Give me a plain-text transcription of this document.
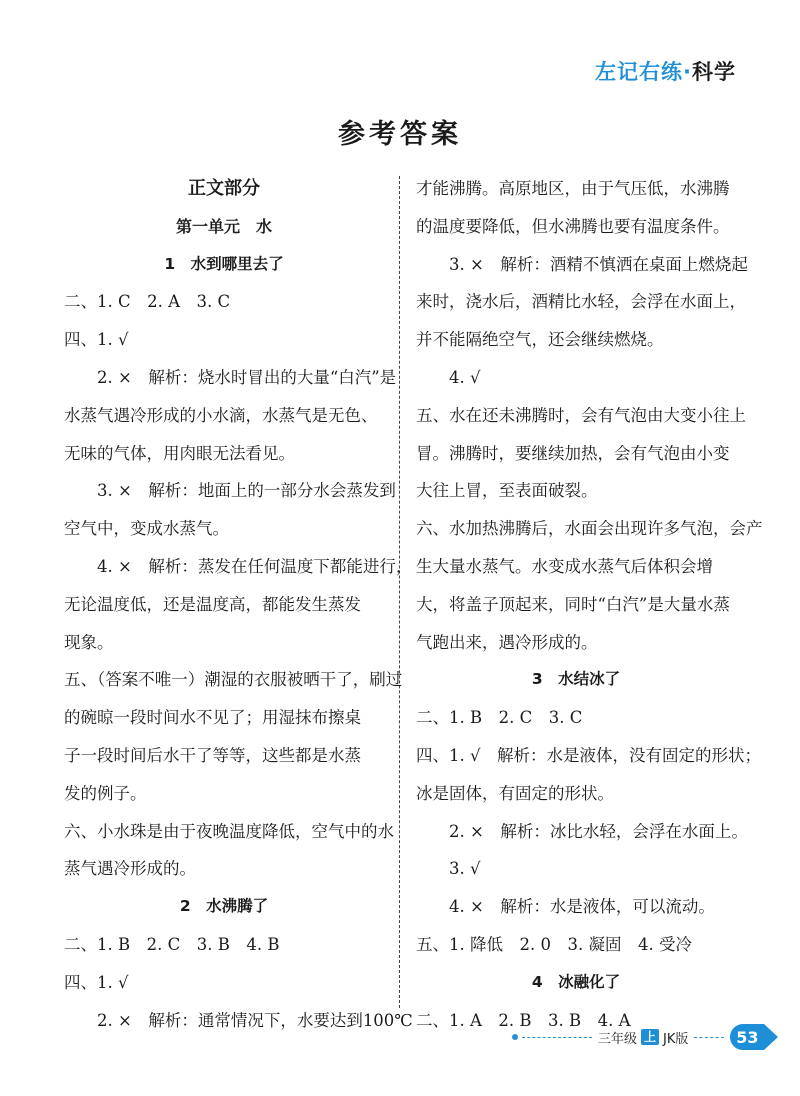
左记右练·科学
参考答案
正文部分
第一单元　水
1　水到哪里去了
二、1. C　2. A　3. C
四、1. √
2. ×　解析：烧水时冒出的大量“白汽”是
水蒸气遇冷形成的小水滴，水蒸气是无色、
无味的气体，用肉眼无法看见。
3. ×　解析：地面上的一部分水会蒸发到
空气中，变成水蒸气。
4. ×　解析：蒸发在任何温度下都能进行，
无论温度低，还是温度高，都能发生蒸发
现象。
五、（答案不唯一）潮湿的衣服被晒干了，刷过
的碗晾一段时间水不见了；用湿抹布擦桌
子一段时间后水干了等等，这些都是水蒸
发的例子。
六、小水珠是由于夜晚温度降低，空气中的水
蒸气遇冷形成的。
2　水沸腾了
二、1. B　2. C　3. B　4. B
四、1. √
2. ×　解析：通常情况下，水要达到100℃
才能沸腾。高原地区，由于气压低，水沸腾
的温度要降低，但水沸腾也要有温度条件。
3. ×　解析：酒精不慎洒在桌面上燃烧起
来时，浇水后，酒精比水轻，会浮在水面上，
并不能隔绝空气，还会继续燃烧。
4. √
五、水在还未沸腾时，会有气泡由大变小往上
冒。沸腾时，要继续加热，会有气泡由小变
大往上冒，至表面破裂。
六、水加热沸腾后，水面会出现许多气泡，会产
生大量水蒸气。水变成水蒸气后体积会增
大，将盖子顶起来，同时“白汽”是大量水蒸
气跑出来，遇冷形成的。
3　水结冰了
二、1. B　2. C　3. C
四、1. √　解析：水是液体，没有固定的形状；
冰是固体，有固定的形状。
2. ×　解析：冰比水轻，会浮在水面上。
3. √
4. ×　解析：水是液体，可以流动。
五、1. 降低　2. 0　3. 凝固　4. 受冷
4　冰融化了
二、1. A　2. B　3. B　4. A
三年级 上 JK版	53
